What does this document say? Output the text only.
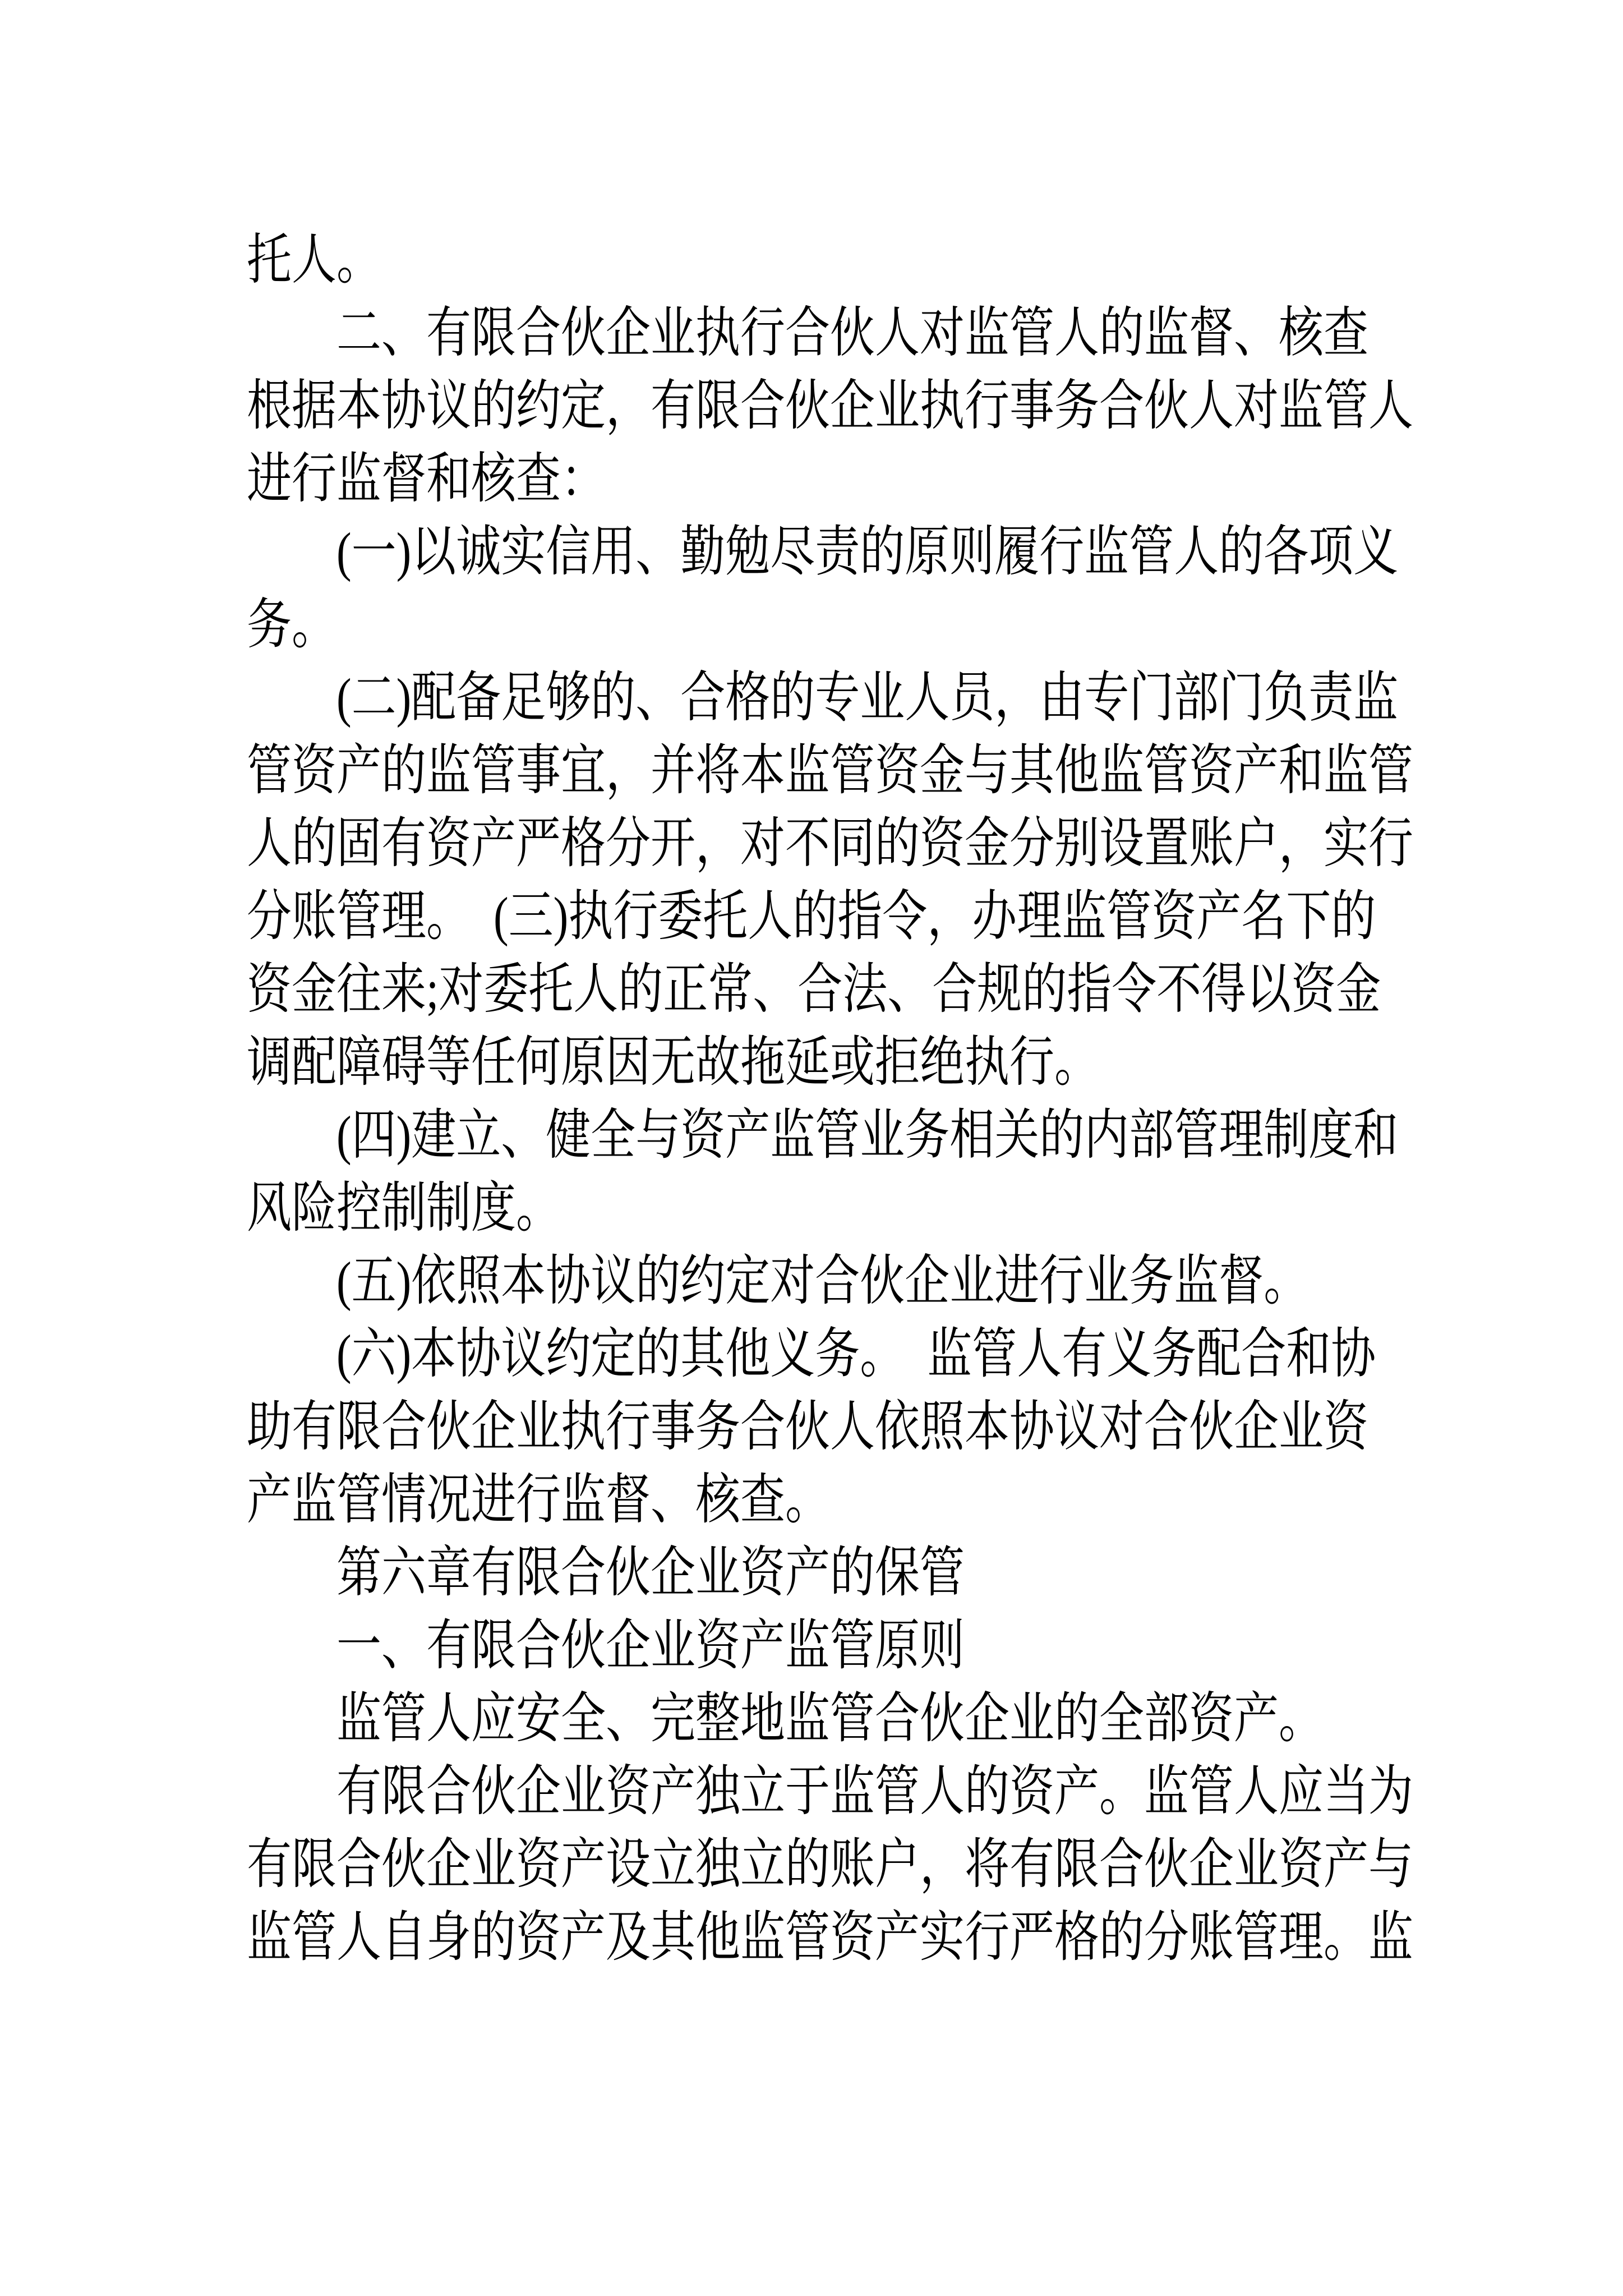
托人。
二、有限合伙企业执行合伙人对监管人的监督、核查
根据本协议的约定，有限合伙企业执行事务合伙人对监管人
进行监督和核查：
(一)以诚实信用、勤勉尽责的原则履行监管人的各项义
务。
(二)配备足够的、合格的专业人员，由专门部门负责监
管资产的监管事宜，并将本监管资金与其他监管资产和监管
人的固有资产严格分开，对不同的资金分别设置账户，实行
分账管理。　(三)执行委托人的指令，办理监管资产名下的
资金往来;对委托人的正常、合法、合规的指令不得以资金
调配障碍等任何原因无故拖延或拒绝执行。
(四)建立、健全与资产监管业务相关的内部管理制度和
风险控制制度。
(五)依照本协议的约定对合伙企业进行业务监督。
(六)本协议约定的其他义务。　监管人有义务配合和协
助有限合伙企业执行事务合伙人依照本协议对合伙企业资
产监管情况进行监督、核查。
第六章有限合伙企业资产的保管
一、有限合伙企业资产监管原则
监管人应安全、完整地监管合伙企业的全部资产。
有限合伙企业资产独立于监管人的资产。监管人应当为
有限合伙企业资产设立独立的账户，将有限合伙企业资产与
监管人自身的资产及其他监管资产实行严格的分账管理。监
